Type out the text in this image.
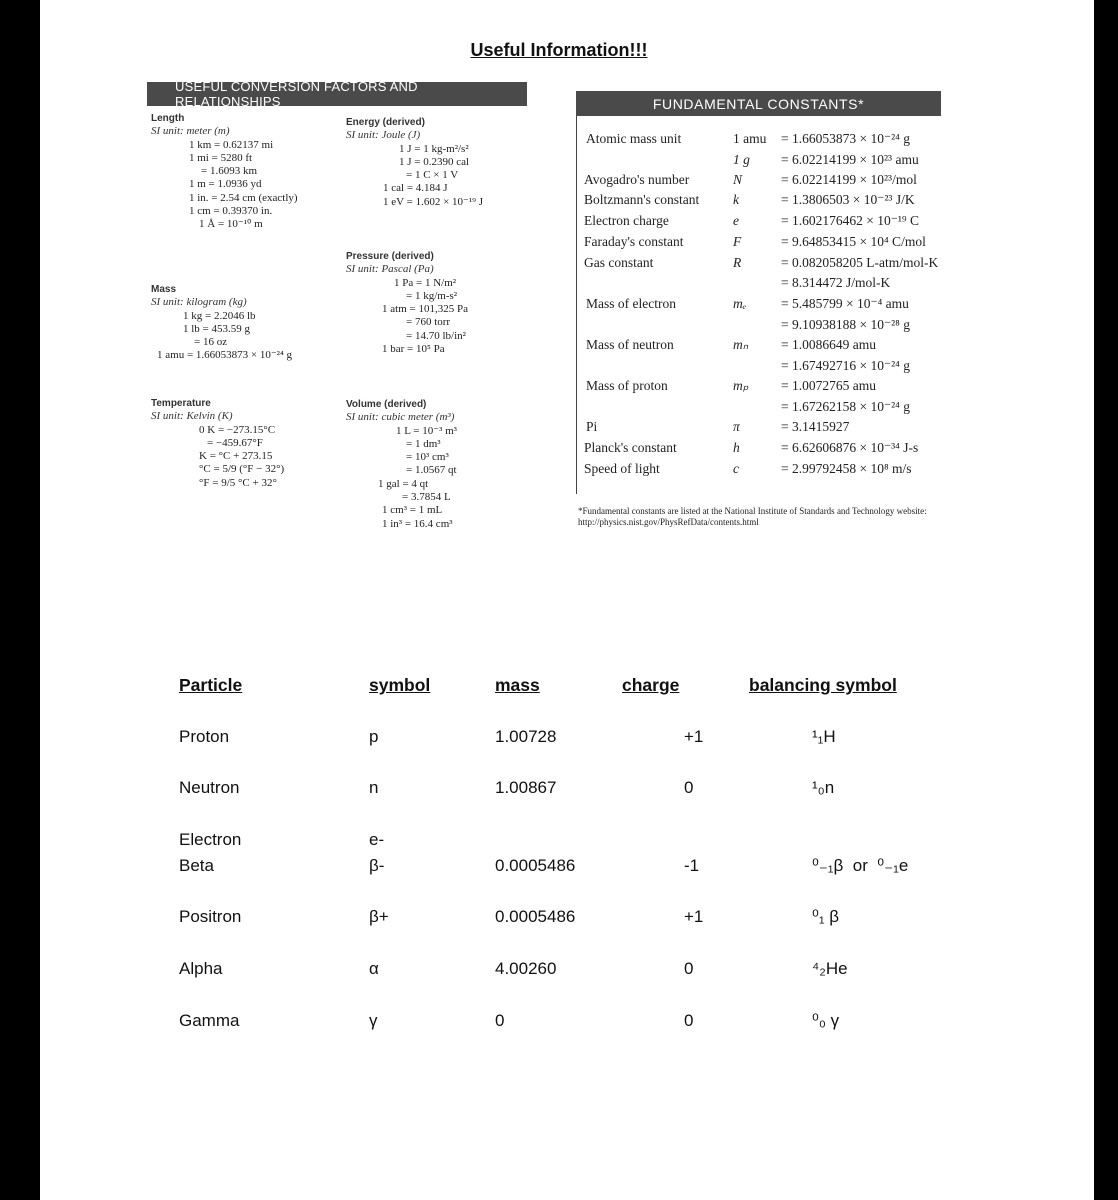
Useful Information!!!
USEFUL CONVERSION FACTORS AND RELATIONSHIPS
Length
SI unit: meter (m)
1 km = 0.62137 mi
1 mi = 5280 ft
= 1.6093 km
1 m = 1.0936 yd
1 in. = 2.54 cm (exactly)
1 cm = 0.39370 in.
1 Å = 10⁻¹⁰ m
Mass
SI unit: kilogram (kg)
1 kg = 2.2046 lb
1 lb = 453.59 g
= 16 oz
1 amu = 1.66053873 × 10⁻²⁴ g
Temperature
SI unit: Kelvin (K)
0 K = −273.15°C
= −459.67°F
K = °C + 273.15
°C = 5/9 (°F − 32°)
°F = 9/5 °C + 32°
Energy (derived)
SI unit: Joule (J)
1 J = 1 kg-m²/s²
1 J = 0.2390 cal
= 1 C × 1 V
1 cal = 4.184 J
1 eV = 1.602 × 10⁻¹⁹ J
Pressure (derived)
SI unit: Pascal (Pa)
1 Pa = 1 N/m²
= 1 kg/m-s²
1 atm = 101,325 Pa
= 760 torr
= 14.70 lb/in²
1 bar = 10⁵ Pa
Volume (derived)
SI unit: cubic meter (m³)
1 L = 10⁻³ m³
= 1 dm³
= 10³ cm³
= 1.0567 qt
1 gal = 4 qt
= 3.7854 L
1 cm³ = 1 mL
1 in³ = 16.4 cm³
FUNDAMENTAL CONSTANTS*
Atomic mass unit	1 amu = 1.66053873 × 10⁻²⁴ g
1 g = 6.02214199 × 10²³ amu
Avogadro's number	N	= 6.02214199 × 10²³/mol
Boltzmann's constant k	= 1.3806503 × 10⁻²³ J/K
Electron charge	e	= 1.602176462 × 10⁻¹⁹ C
Faraday's constant	F	= 9.64853415 × 10⁴ C/mol
Gas constant	R	= 0.082058205 L-atm/mol-K
= 8.314472 J/mol-K
Mass of electron	mₑ	= 5.485799 × 10⁻⁴ amu
= 9.10938188 × 10⁻²⁸ g
Mass of neutron	mₙ = 1.0086649 amu
= 1.67492716 × 10⁻²⁴ g
Mass of proton	mₚ = 1.0072765 amu
= 1.67262158 × 10⁻²⁴ g
Pi	π	= 3.1415927
Planck's constant	h	= 6.62606876 × 10⁻³⁴ J-s
Speed of light	c	= 2.99792458 × 10⁸ m/s
*Fundamental constants are listed at the National Institute of Standards and Technology website: http://physics.nist.gov/PhysRefData/contents.html
Particle	symbol	mass	charge	balancing symbol
Proton	p	1.00728	+1	¹₁H
Neutron	n	1.00867	0	¹₀n
Electron	e-
Beta	β-	0.0005486	-1	⁰₋₁β  or  ⁰₋₁e
Positron	β+	0.0005486	+1	⁰₁ β
Alpha	α	4.00260	0	⁴₂He
Gamma	γ	0	0	⁰₀ γ
